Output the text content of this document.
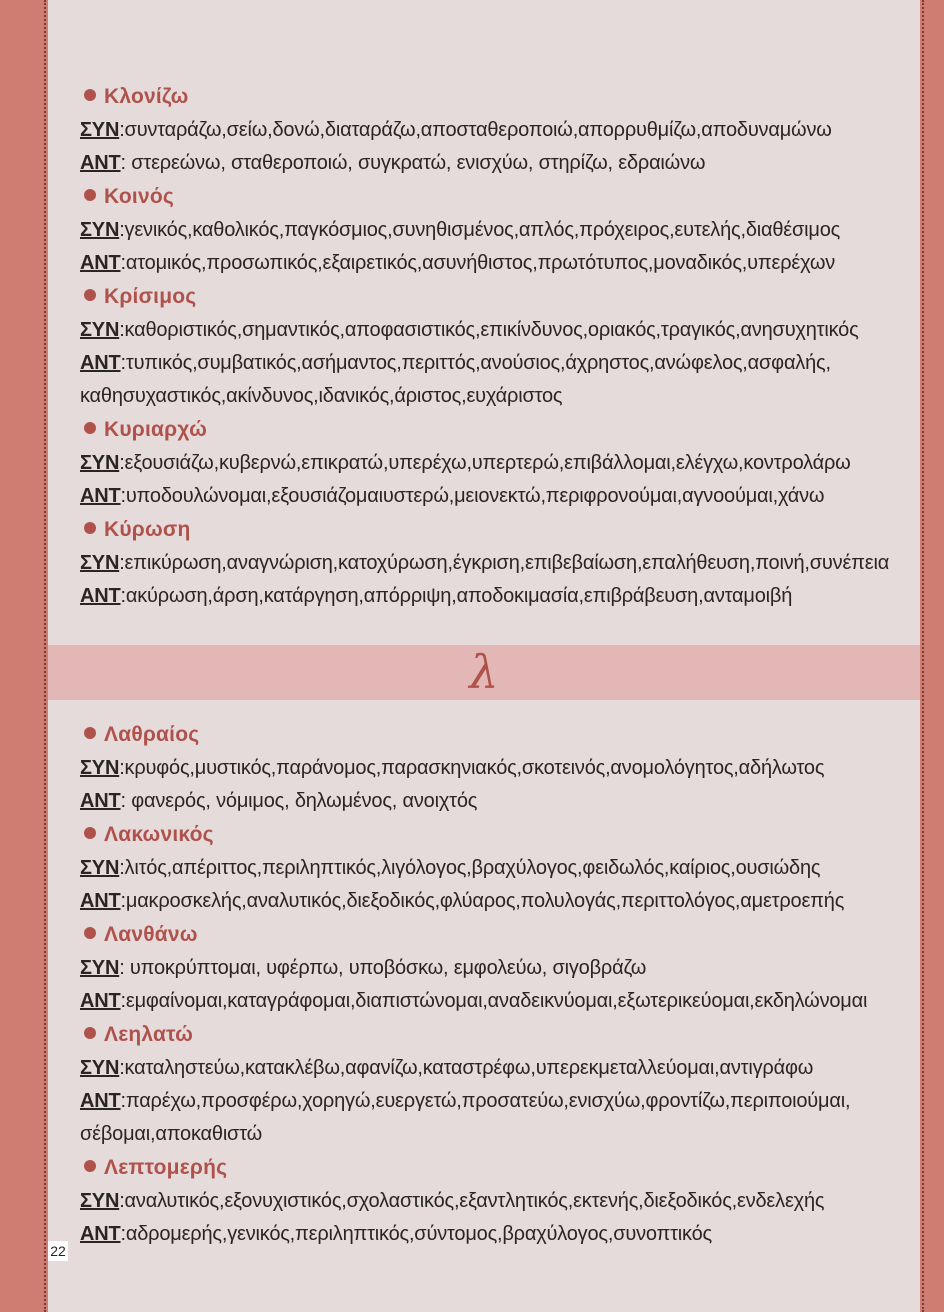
Κλονίζω
ΣΥΝ:συνταράζω,σείω,δονώ,διαταράζω,αποσταθεροποιώ,απορρυθμίζω,αποδυναμώνω
ΑΝΤ: στερεώνω, σταθεροποιώ, συγκρατώ, ενισχύω, στηρίζω, εδραιώνω
Κοινός
ΣΥΝ:γενικός,καθολικός,παγκόσμιος,συνηθισμένος,απλός,πρόχειρος,ευτελής,διαθέσιμος
ΑΝΤ:ατομικός,προσωπικός,εξαιρετικός,ασυνήθιστος,πρωτότυπος,μοναδικός,υπερέχων
Κρίσιμος
ΣΥΝ:καθοριστικός,σημαντικός,αποφασιστικός,επικίνδυνος,οριακός,τραγικός,ανησυχητικός
ΑΝΤ:τυπικός,συμβατικός,ασήμαντος,περιττός,ανούσιος,άχρηστος,ανώφελος,ασφαλής, καθησυχαστικός,ακίνδυνος,ιδανικός,άριστος,ευχάριστος
Κυριαρχώ
ΣΥΝ:εξουσιάζω,κυβερνώ,επικρατώ,υπερέχω,υπερτερώ,επιβάλλομαι,ελέγχω,κοντρολάρω
ΑΝΤ:υποδουλώνομαι,εξουσιάζομαιυστερώ,μειονεκτώ,περιφρονούμαι,αγνοούμαι,χάνω
Κύρωση
ΣΥΝ:επικύρωση,αναγνώριση,κατοχύρωση,έγκριση,επιβεβαίωση,επαλήθευση,ποινή,συνέπεια
ΑΝΤ:ακύρωση,άρση,κατάργηση,απόρριψη,αποδοκιμασία,επιβράβευση,ανταμοιβή
λ
Λαθραίος
ΣΥΝ:κρυφός,μυστικός,παράνομος,παρασκηνιακός,σκοτεινός,ανομολόγητος,αδήλωτος
ΑΝΤ: φανερός, νόμιμος, δηλωμένος, ανοιχτός
Λακωνικός
ΣΥΝ:λιτός,απέριττος,περιληπτικός,λιγόλογος,βραχύλογος,φειδωλός,καίριος,ουσιώδης
ΑΝΤ:μακροσκελής,αναλυτικός,διεξοδικός,φλύαρος,πολυλογάς,περιττολόγος,αμετροεπής
Λανθάνω
ΣΥΝ: υποκρύπτομαι, υφέρπω, υποβόσκω, εμφολεύω, σιγοβράζω
ΑΝΤ:εμφαίνομαι,καταγράφομαι,διαπιστώνομαι,αναδεικνύομαι,εξωτερικεύομαι,εκδηλώνομαι
Λεηλατώ
ΣΥΝ:καταληστεύω,κατακλέβω,αφανίζω,καταστρέφω,υπερεκμεταλλεύομαι,αντιγράφω
ΑΝΤ:παρέχω,προσφέρω,χορηγώ,ευεργετώ,προσατεύω,ενισχύω,φροντίζω,περιποιούμαι, σέβομαι,αποκαθιστώ
Λεπτομερής
ΣΥΝ:αναλυτικός,εξονυχιστικός,σχολαστικός,εξαντλητικός,εκτενής,διεξοδικός,ενδελεχής
ΑΝΤ:αδρομερής,γενικός,περιληπτικός,σύντομος,βραχύλογος,συνοπτικός
22
